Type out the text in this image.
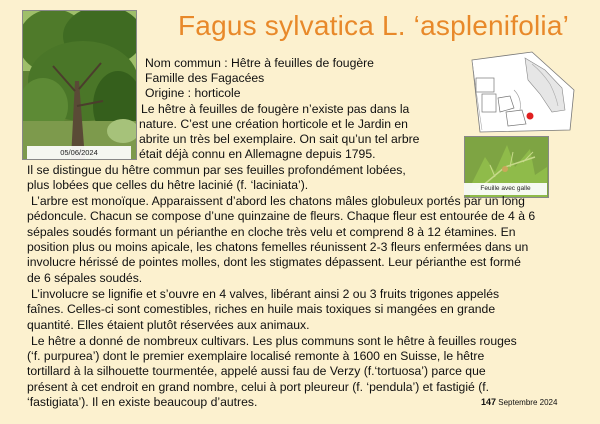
Fagus sylvatica L. ‘asplenifolia’
05/06/2024
Feuille avec galle
Nom commun : Hêtre à feuilles de fougère
Famille des Fagacées
Origine : horticole
Le hêtre à feuilles de fougère n’existe pas dans la
nature. C’est une création horticole et le Jardin en
abrite un très bel exemplaire. On sait qu’un tel arbre
était déjà connu en Allemagne depuis 1795.
Il se distingue du hêtre commun par ses feuilles profondément lobées,
plus lobées que celles du hêtre lacinié (f. ‘laciniata’).
L’arbre est monoïque. Apparaissent d’abord les chatons mâles globuleux portés par un long
pédoncule. Chacun se compose d’une quinzaine de fleurs. Chaque fleur est entourée de 4 à 6
sépales soudés formant un périanthe en cloche très velu et comprend 8 à 12 étamines. En
position plus ou moins apicale, les chatons femelles réunissent 2-3 fleurs enfermées dans un
involucre hérissé de pointes molles, dont les stigmates dépassent. Leur périanthe est formé
de 6 sépales soudés.
L’involucre se lignifie et s’ouvre en 4 valves, libérant ainsi 2 ou 3 fruits trigones appelés
faînes. Celles-ci sont comestibles, riches en huile mais toxiques si mangées en grande
quantité. Elles étaient plutôt réservées aux animaux.
Le hêtre a donné de nombreux cultivars. Les plus communs sont le hêtre à feuilles rouges
(‘f. purpurea’) dont le premier exemplaire localisé remonte à 1600 en Suisse, le hêtre
tortillard à la silhouette tourmentée, appelé aussi fau de Verzy (f.‘tortuosa’) parce que
présent à cet endroit en grand nombre, celui à port pleureur (f. ‘pendula’) et fastigié (f.
‘fastigiata’). Il en existe beaucoup d’autres.	147 Septembre 2024
